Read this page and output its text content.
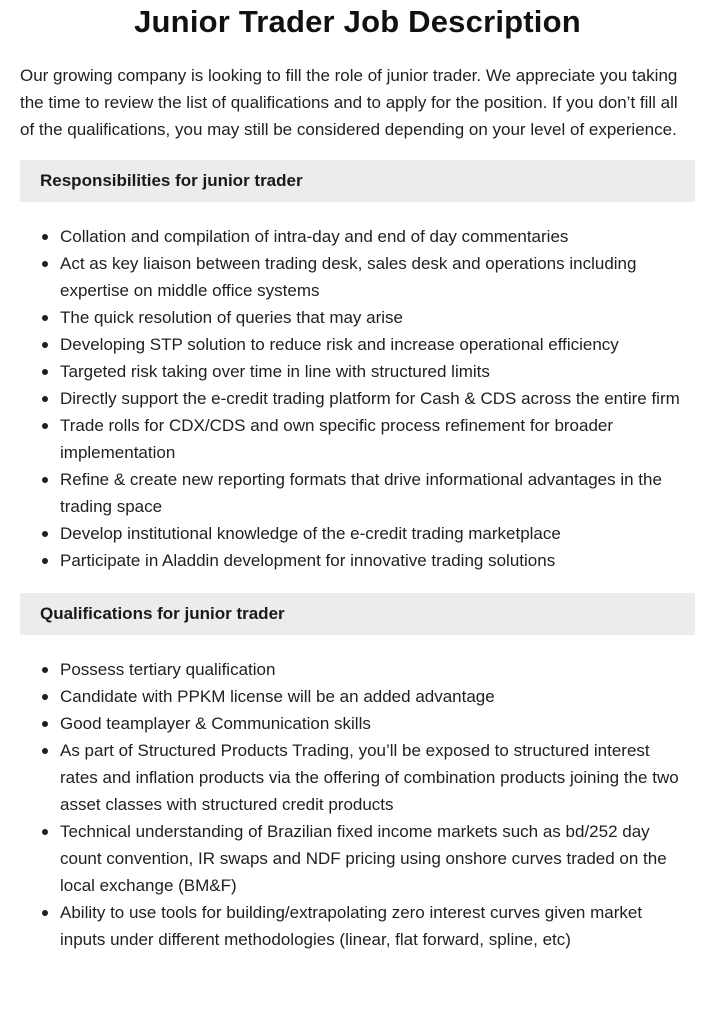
Junior Trader Job Description

Our growing company is looking to fill the role of junior trader. We appreciate you taking the time to review the list of qualifications and to apply for the position. If you don’t fill all of the qualifications, you may still be considered depending on your level of experience.

Responsibilities for junior trader
Collation and compilation of intra-day and end of day commentaries
Act as key liaison between trading desk, sales desk and operations including expertise on middle office systems
The quick resolution of queries that may arise
Developing STP solution to reduce risk and increase operational efficiency
Targeted risk taking over time in line with structured limits
Directly support the e-credit trading platform for Cash & CDS across the entire firm
Trade rolls for CDX/CDS and own specific process refinement for broader implementation
Refine & create new reporting formats that drive informational advantages in the trading space
Develop institutional knowledge of the e-credit trading marketplace
Participate in Aladdin development for innovative trading solutions
Qualifications for junior trader
Possess tertiary qualification
Candidate with PPKM license will be an added advantage
Good teamplayer & Communication skills
As part of Structured Products Trading, you’ll be exposed to structured interest rates and inflation products via the offering of combination products joining the two asset classes with structured credit products
Technical understanding of Brazilian fixed income markets such as bd/252 day count convention, IR swaps and NDF pricing using onshore curves traded on the local exchange (BM&F)
Ability to use tools for building/extrapolating zero interest curves given market inputs under different methodologies (linear, flat forward, spline, etc)
